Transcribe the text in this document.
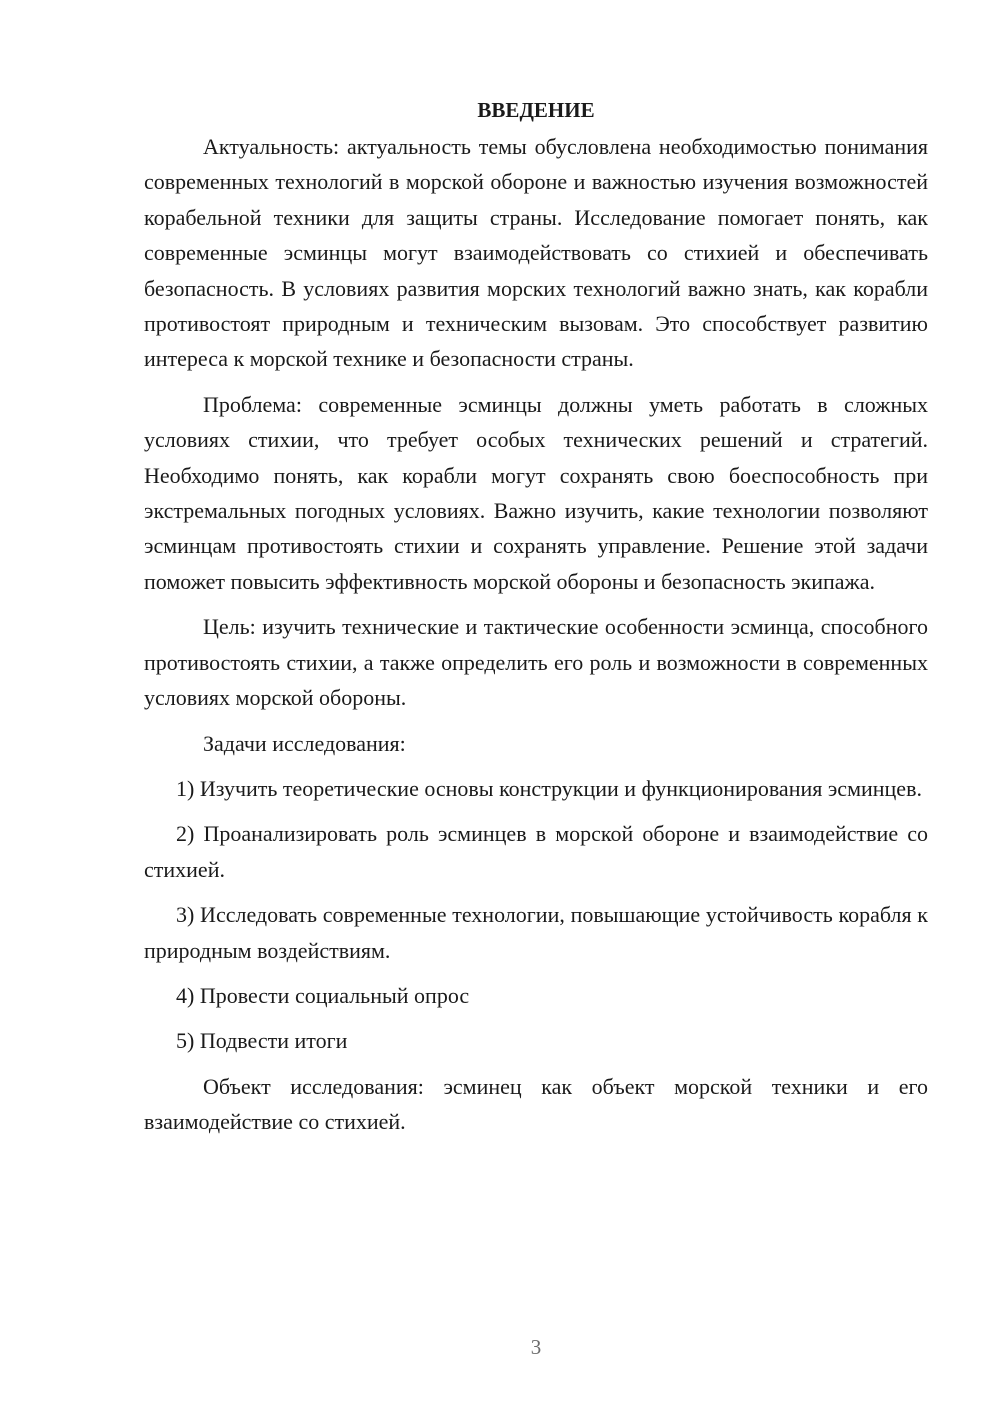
ВВЕДЕНИЕ

Актуальность: актуальность темы обусловлена необходимостью понимания современных технологий в морской обороне и важностью изучения возможностей корабельной техники для защиты страны. Исследование помогает понять, как современные эсминцы могут взаимодействовать со стихией и обеспечивать безопасность. В условиях развития морских технологий важно знать, как корабли противостоят природным и техническим вызовам. Это способствует развитию интереса к морской технике и безопасности страны.

Проблема: современные эсминцы должны уметь работать в сложных условиях стихии, что требует особых технических решений и стратегий. Необходимо понять, как корабли могут сохранять свою боеспособность при экстремальных погодных условиях. Важно изучить, какие технологии позволяют эсминцам противостоять стихии и сохранять управление. Решение этой задачи поможет повысить эффективность морской обороны и безопасность экипажа.

Цель: изучить технические и тактические особенности эсминца, способного противостоять стихии, а также определить его роль и возможности в современных условиях морской обороны.

Задачи исследования:

1) Изучить теоретические основы конструкции и функционирования эсминцев.

2) Проанализировать роль эсминцев в морской обороне и взаимодействие со стихией.

3) Исследовать современные технологии, повышающие устойчивость корабля к природным воздействиям.

4) Провести социальный опрос

5) Подвести итоги

Объект исследования: эсминец как объект морской техники и его взаимодействие со стихией.

3
